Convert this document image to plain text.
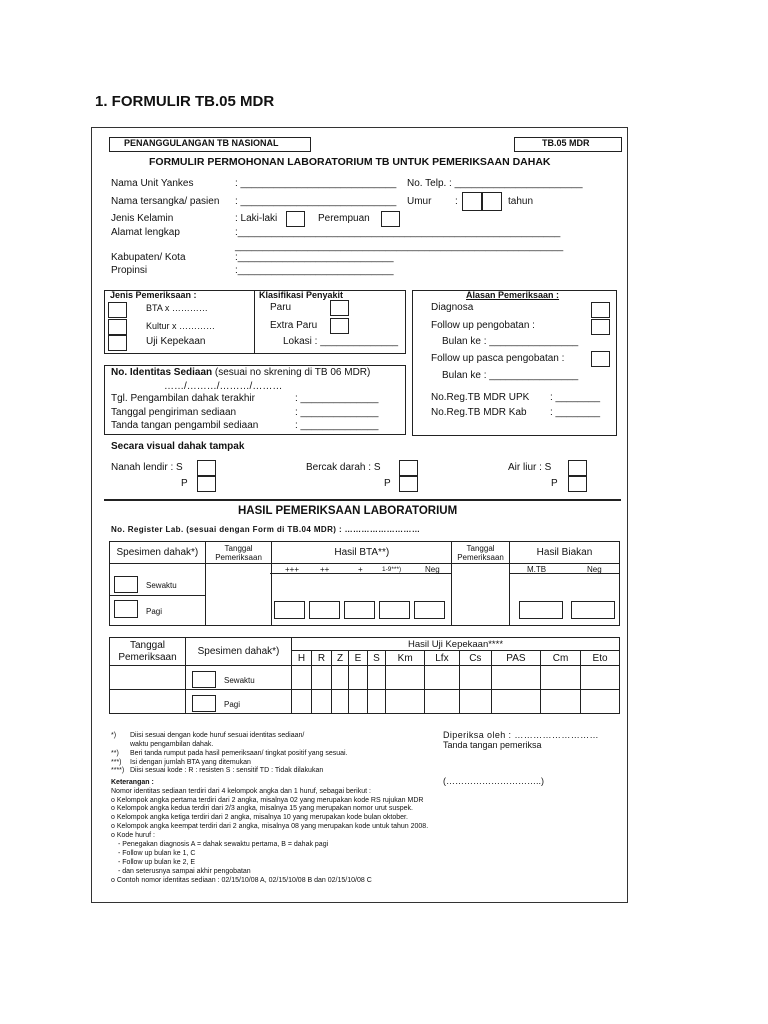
1. FORMULIR TB.05 MDR
PENANGGULANGAN TB NASIONAL	TB.05 MDR
FORMULIR PERMOHONAN LABORATORIUM TB UNTUK PEMERIKSAAN DAHAK
Nama Unit Yankes	: ____________________________ No. Telp. : _______________________
Nama tersangka/ pasien : ____________________________ Umur :	tahun
Jenis Kelamin	: Laki-laki	Perempuan
Alamat lengkap	:__________________________________________________________
___________________________________________________________
Kabupaten/ Kota	:____________________________
Propinsi	:____________________________
Jenis Pemeriksaan :
BTA x …………
Kultur x …………
Uji Kepekaan
Klasifikasi Penyakit
Paru
Extra Paru
Lokasi : ______________
Alasan Pemeriksaan :
Diagnosa
Follow up pengobatan :
Bulan ke : ________________
Follow up pasca pengobatan :
Bulan ke : ________________
No.Reg.TB MDR UPK : ________
No.Reg.TB MDR Kab : ________
No. Identitas Sediaan (sesuai no skrening di TB 06 MDR)
……/………/………/………
Tgl. Pengambilan dahak terakhir	: ______________
Tanggal pengiriman sediaan	: ______________
Tanda tangan pengambil sediaan	: ______________
Secara visual dahak tampak
Nanah lendir : S
P
Bercak darah : S
P
Air liur : S
P
HASIL PEMERIKSAAN LABORATORIUM
No. Register Lab. (sesuai dengan Form di TB.04 MDR) : ………………………
Spesimen dahak*)	Tanggal Pemeriksaan	Hasil BTA**)	Tanggal Pemeriksaan	Hasil Biakan

Sewaktu
Pagi
+++	++	+	1-9***)	Neg	M.TB	Neg
Tanggal Pemeriksaan	Spesimen dahak*)	Hasil Uji Kepekaan****										
		H	R	Z	E	S	Km	Lfx	Cs	PAS	Cm	Eto

Sewaktu
Pagi
*) Diisi sesuai dengan kode huruf sesuai identitas sediaan/
waktu pengambilan dahak.
**) Beri tanda rumput pada hasil pemeriksaan/ tingkat positif yang sesuai.
***) Isi dengan jumlah BTA yang ditemukan
****) Diisi sesuai kode : R : resisten S : sensitif TD : Tidak dilakukan
Diperiksa oleh : ………………………
Tanda tangan pemeriksa
(…………………………..)
Keterangan :
Nomor identitas sediaan terdiri dari 4 kelompok angka dan 1 huruf, sebagai berikut :
o Kelompok angka pertama terdiri dari 2 angka, misalnya 02 yang merupakan kode RS rujukan MDR
o Kelompok angka kedua terdiri dari 2/3 angka, misalnya 15 yang merupakan nomor urut suspek.
o Kelompok angka ketiga terdiri dari 2 angka, misalnya 10 yang merupakan kode bulan oktober.
o Kelompok angka keempat terdiri dari 2 angka, misalnya 08 yang merupakan kode untuk tahun 2008.
o Kode huruf :
- Penegakan diagnosis A = dahak sewaktu pertama, B = dahak pagi
- Follow up bulan ke 1, C
- Follow up bulan ke 2, E
- dan seterusnya sampai akhir pengobatan
o Contoh nomor identitas sediaan : 02/15/10/08 A, 02/15/10/08 B dan 02/15/10/08 C
